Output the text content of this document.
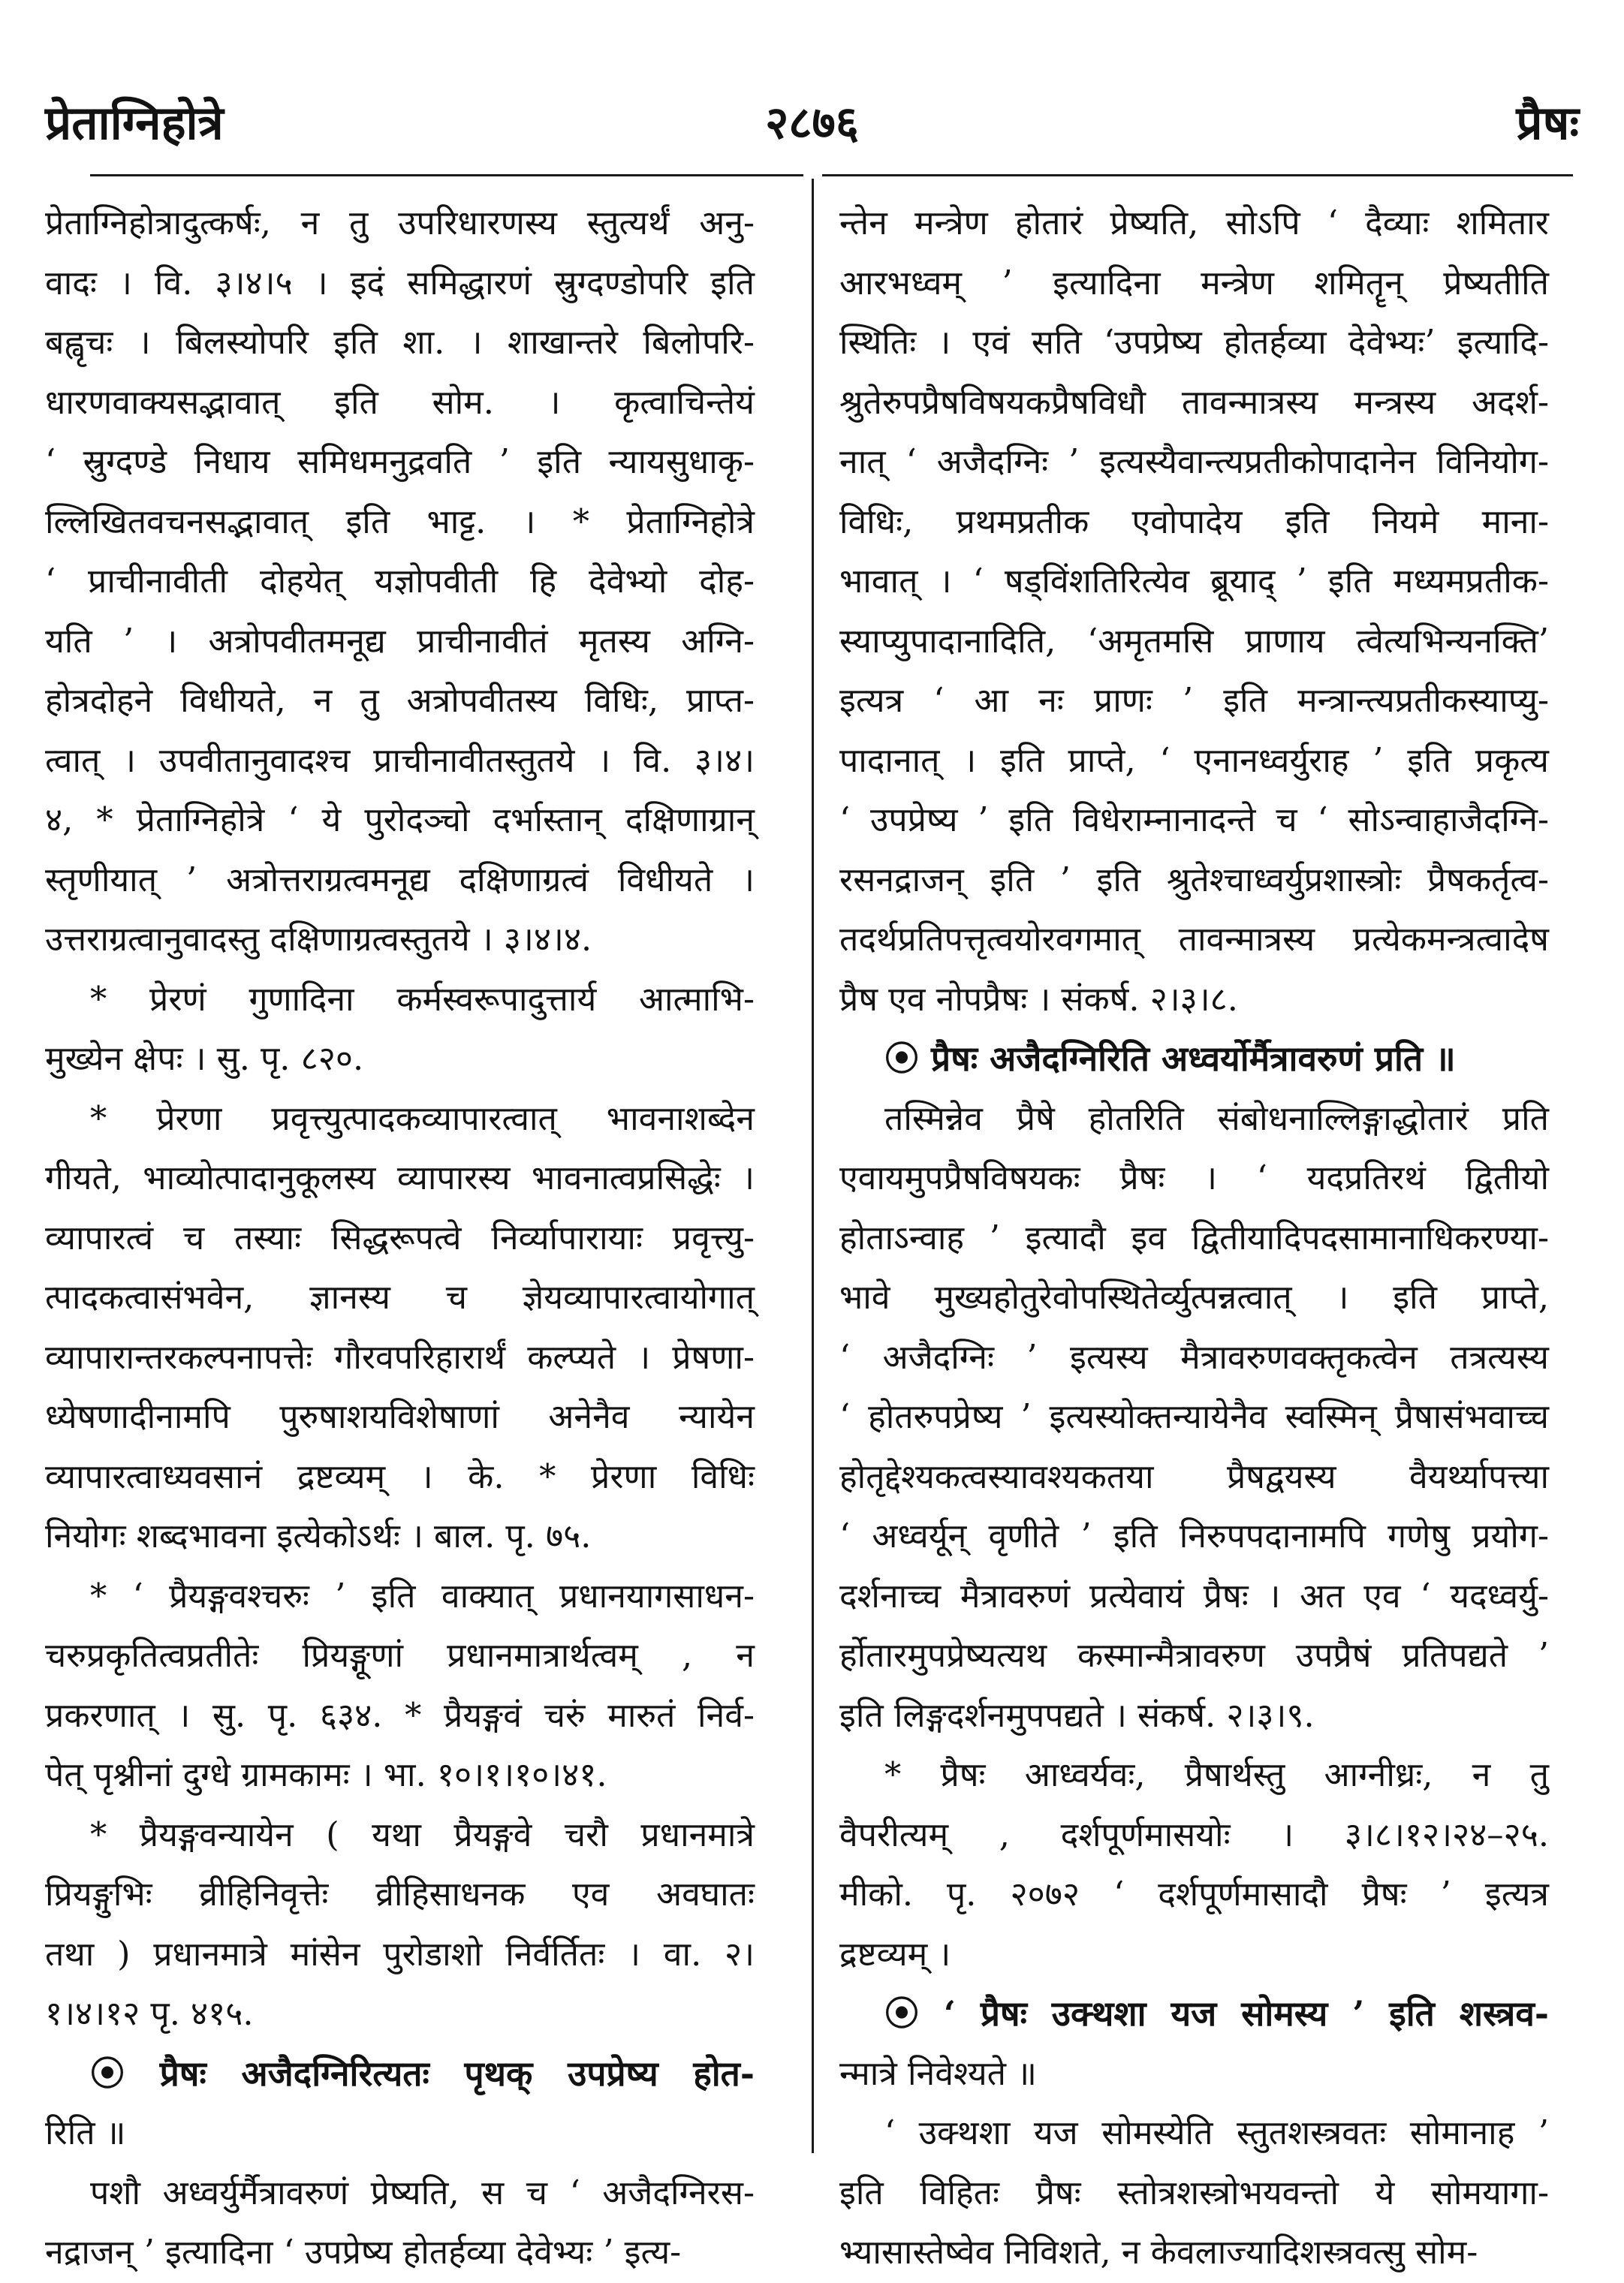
प्रेताग्निहोत्रे	२८७६	प्रैषः
प्रेताग्निहोत्रादुत्कर्षः, न तु उपरिधारणस्य स्तुत्यर्थं अनु-
वादः । वि. ३।४।५ । इदं समिद्धारणं स्रुग्दण्डोपरि इति
बह्वृचः । बिलस्योपरि इति शा. । शाखान्तरे बिलोपरि-
धारणवाक्यसद्भावात् इति सोम. । कृत्वाचिन्तेयं
‘ स्रुग्दण्डे निधाय समिधमनुद्रवति ’ इति न्यायसुधाकृ-
ल्लिखितवचनसद्भावात् इति भाट्ट. । * प्रेताग्निहोत्रे
‘ प्राचीनावीती दोहयेत् यज्ञोपवीती हि देवेभ्यो दोह-
यति ’ । अत्रोपवीतमनूद्य प्राचीनावीतं मृतस्य अग्नि-
होत्रदोहने विधीयते, न तु अत्रोपवीतस्य विधिः, प्राप्त-
त्वात् । उपवीतानुवादश्च प्राचीनावीतस्तुतये । वि. ३।४।
४, * प्रेताग्निहोत्रे ‘ ये पुरोदञ्चो दर्भास्तान् दक्षिणाग्रान्
स्तृणीयात् ’ अत्रोत्तराग्रत्वमनूद्य दक्षिणाग्रत्वं विधीयते ।
उत्तराग्रत्वानुवादस्तु दक्षिणाग्रत्वस्तुतये । ३।४।४.
* प्रेरणं गुणादिना कर्मस्वरूपादुत्तार्य आत्माभि-
मुख्येन क्षेपः । सु. पृ. ८२०.
* प्रेरणा प्रवृत्त्युत्पादकव्यापारत्वात् भावनाशब्देन
गीयते, भाव्योत्पादानुकूलस्य व्यापारस्य भावनात्वप्रसिद्धेः ।
व्यापारत्वं च तस्याः सिद्धरूपत्वे निर्व्यापारायाः प्रवृत्त्यु-
त्पादकत्वासंभवेन, ज्ञानस्य च ज्ञेयव्यापारत्वायोगात्
व्यापारान्तरकल्पनापत्तेः गौरवपरिहारार्थं कल्प्यते । प्रेषणा-
ध्येषणादीनामपि पुरुषाशयविशेषाणां अनेनैव न्यायेन
व्यापारत्वाध्यवसानं द्रष्टव्यम् । के. * प्रेरणा विधिः
नियोगः शब्दभावना इत्येकोऽर्थः । बाल. पृ. ७५.
* ‘ प्रैयङ्गवश्चरुः ’ इति वाक्यात् प्रधानयागसाधन-
चरुप्रकृतित्वप्रतीतेः प्रियङ्गूणां प्रधानमात्रार्थत्वम् , न
प्रकरणात् । सु. पृ. ६३४. * प्रैयङ्गवं चरुं मारुतं निर्व-
पेत् पृश्नीनां दुग्धे ग्रामकामः । भा. १०।१।१०।४१.
* प्रैयङ्गवन्यायेन ( यथा प्रैयङ्गवे चरौ प्रधानमात्रे
प्रियङ्गुभिः व्रीहिनिवृत्तेः व्रीहिसाधनक एव अवघातः
तथा ) प्रधानमात्रे मांसेन पुरोडाशो निर्वर्तितः । वा. २।
१।४।१२ पृ. ४१५.
⦿ प्रैषः अजैदग्निरित्यतः पृथक् उपप्रेष्य होत-
रिति ॥
पशौ अध्वर्युर्मैत्रावरुणं प्रेष्यति, स च ‘ अजैदग्निरस-
नद्राजन् ’ इत्यादिना ‘ उपप्रेष्य होतर्हव्या देवेभ्यः ’ इत्य-
न्तेन मन्त्रेण होतारं प्रेष्यति, सोऽपि ‘ दैव्याः शमितार
आरभध्वम् ’ इत्यादिना मन्त्रेण शमितॄन् प्रेष्यतीति
स्थितिः । एवं सति ‘उपप्रेष्य होतर्हव्या देवेभ्यः’ इत्यादि-
श्रुतेरुपप्रैषविषयकप्रैषविधौ तावन्मात्रस्य मन्त्रस्य अदर्श-
नात् ‘ अजैदग्निः ’ इत्यस्यैवान्त्यप्रतीकोपादानेन विनियोग-
विधिः, प्रथमप्रतीक एवोपादेय इति नियमे माना-
भावात् । ‘ षड्विंशतिरित्येव ब्रूयाद् ’ इति मध्यमप्रतीक-
स्याप्युपादानादिति, ‘अमृतमसि प्राणाय त्वेत्यभिन्यनक्ति’
इत्यत्र ‘ आ नः प्राणः ’ इति मन्त्रान्त्यप्रतीकस्याप्यु-
पादानात् । इति प्राप्ते, ‘ एनानध्वर्युराह ’ इति प्रकृत्य
‘ उपप्रेष्य ’ इति विधेराम्नानादन्ते च ‘ सोऽन्वाहाजैदग्नि-
रसनद्राजन् इति ’ इति श्रुतेश्चाध्वर्युप्रशास्त्रोः प्रैषकर्तृत्व-
तदर्थप्रतिपत्तृत्वयोरवगमात् तावन्मात्रस्य प्रत्येकमन्त्रत्वादेष
प्रैष एव नोपप्रैषः । संकर्ष. २।३।८.
⦿ प्रैषः अजैदग्निरिति अध्वर्योर्मैत्रावरुणं प्रति ॥
तस्मिन्नेव प्रैषे होतरिति संबोधनाल्लिङ्गाद्धोतारं प्रति
एवायमुपप्रैषविषयकः प्रैषः । ‘ यदप्रतिरथं द्वितीयो
होताऽन्वाह ’ इत्यादौ इव द्वितीयादिपदसामानाधिकरण्या-
भावे मुख्यहोतुरेवोपस्थितेर्व्युत्पन्नत्वात् । इति प्राप्ते,
‘ अजैदग्निः ’ इत्यस्य मैत्रावरुणवक्तृकत्वेन तत्रत्यस्य
‘ होतरुपप्रेष्य ’ इत्यस्योक्तन्यायेनैव स्वस्मिन् प्रैषासंभवाच्च
होतृद्देश्यकत्वस्यावश्यकतया प्रैषद्वयस्य वैयर्थ्यापत्त्या
‘ अध्वर्यून् वृणीते ’ इति निरुपपदानामपि गणेषु प्रयोग-
दर्शनाच्च मैत्रावरुणं प्रत्येवायं प्रैषः । अत एव ‘ यदध्वर्यु-
र्होतारमुपप्रेष्यत्यथ कस्मान्मैत्रावरुण उपप्रैषं प्रतिपद्यते ’
इति लिङ्गदर्शनमुपपद्यते । संकर्ष. २।३।९.
* प्रैषः आध्वर्यवः, प्रैषार्थस्तु आग्नीध्रः, न तु
वैपरीत्यम् , दर्शपूर्णमासयोः । ३।८।१२।२४–२५.
मीको. पृ. २०७२ ‘ दर्शपूर्णमासादौ प्रैषः ’ इत्यत्र
द्रष्टव्यम् ।
⦿ ‘ प्रैषः उक्थशा यज सोमस्य ’ इति शस्त्रव-
न्मात्रे निवेश्यते ॥
‘ उक्थशा यज सोमस्येति स्तुतशस्त्रवतः सोमानाह ’
इति विहितः प्रैषः स्तोत्रशस्त्रोभयवन्तो ये सोमयागा-
भ्यासास्तेष्वेव निविशते, न केवलाज्यादिशस्त्रवत्सु सोम-
